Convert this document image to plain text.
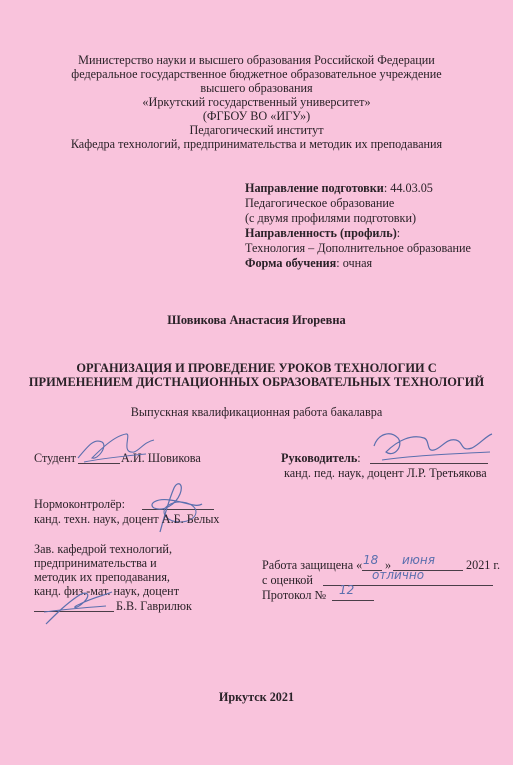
Министерство науки и высшего образования Российской Федерации
федеральное государственное бюджетное образовательное учреждение
высшего образования
«Иркутский государственный университет»
(ФГБОУ ВО «ИГУ»)
Педагогический институт
Кафедра технологий, предпринимательства и методик их преподавания
Направление подготовки: 44.03.05
Педагогическое образование
(с двумя профилями подготовки)
Направленность (профиль):
Технология – Дополнительное образование
Форма обучения: очная
Шовикова Анастасия Игоревна
ОРГАНИЗАЦИЯ И ПРОВЕДЕНИЕ УРОКОВ ТЕХНОЛОГИИ С
ПРИМЕНЕНИЕМ ДИСТНАЦИОННЫХ ОБРАЗОВАТЕЛЬНЫХ ТЕХНОЛОГИЙ
Выпускная квалификационная работа бакалавра
Студент	А.И. Шовикова	Руководитель:
канд. пед. наук, доцент Л.Р. Третьякова
Нормоконтролёр:
канд. техн. наук, доцент А.Б. Белых
Зав. кафедрой технологий,
предпринимательства и
методик их преподавания,
канд. физ.-мат. наук, доцент
Б.В. Гаврилюк
Работа защищена « 18 » июня	2021 г.
с оценкой	отлично
Протокол № 12
Иркутск 2021
